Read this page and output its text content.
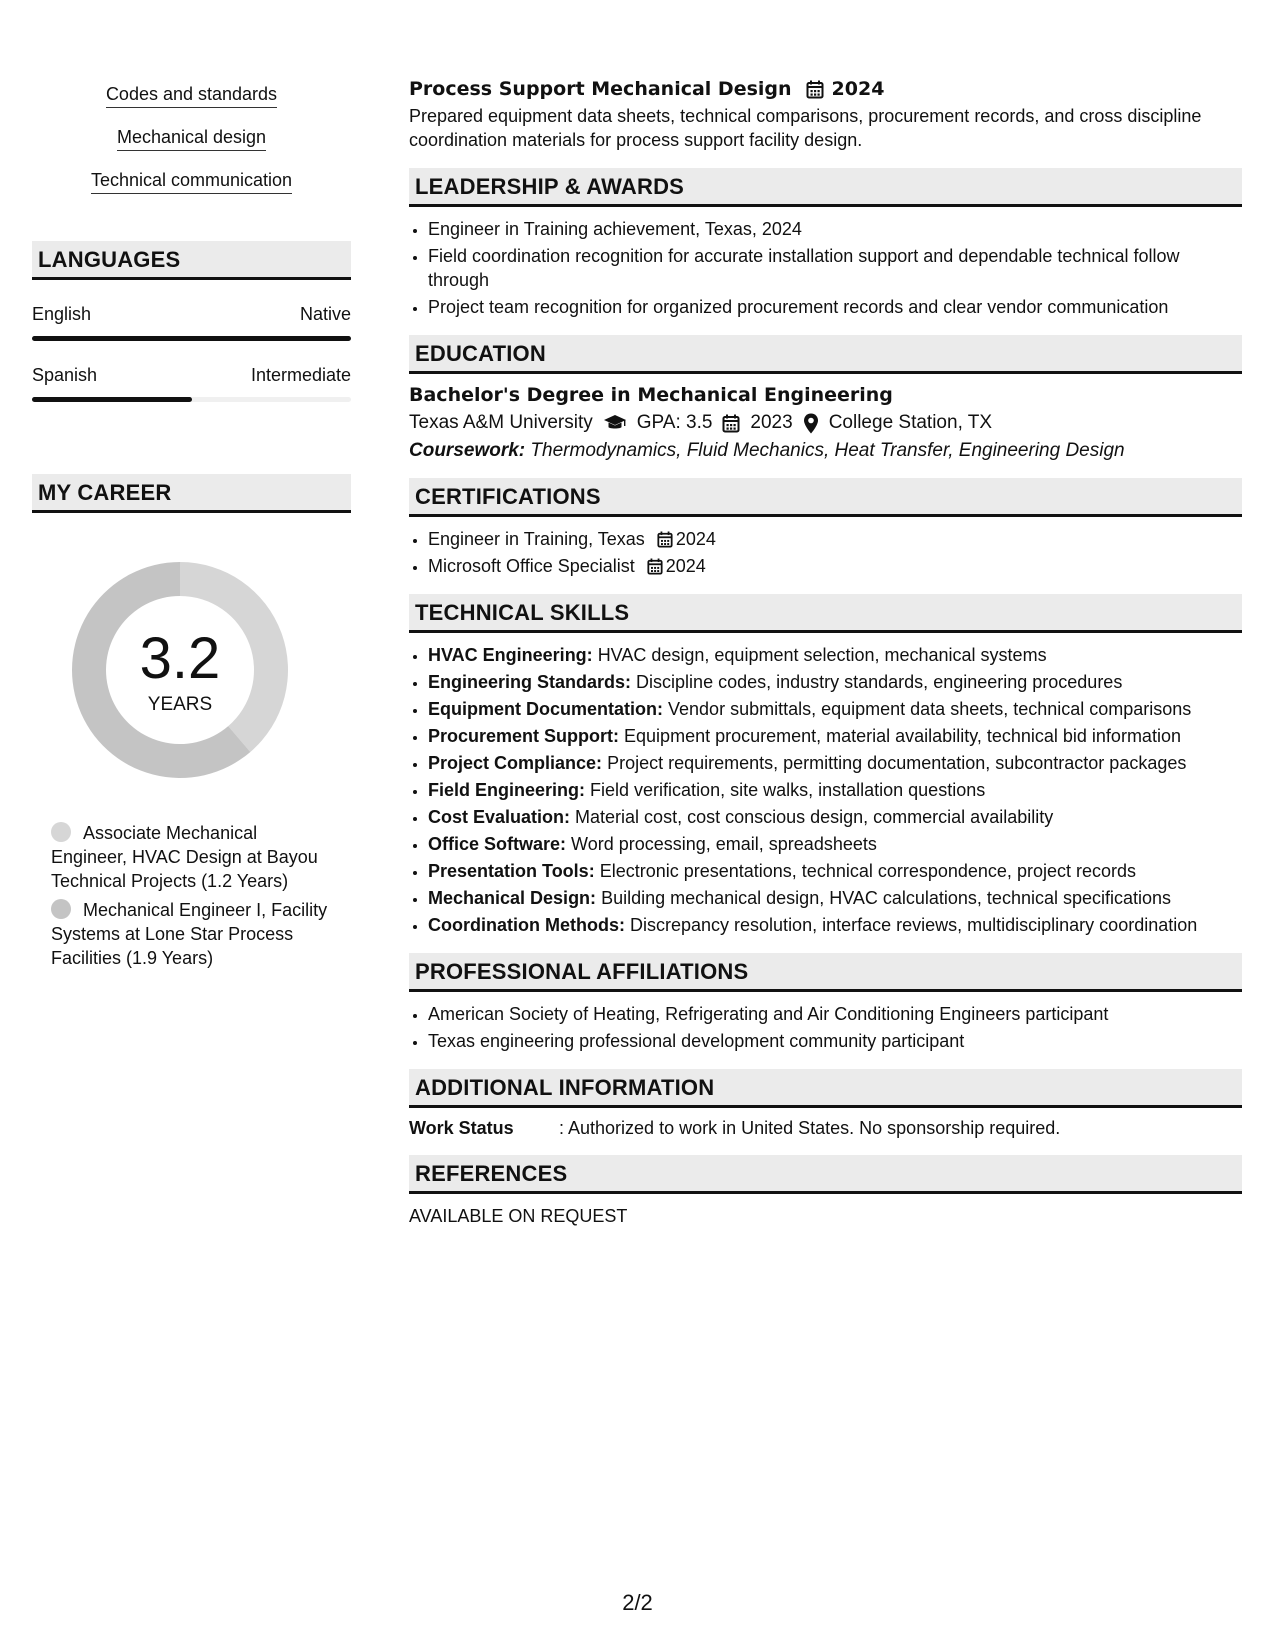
Codes and standards
Mechanical design
Technical communication
LANGUAGES
English	Native
Spanish	Intermediate
MY CAREER
3.2
YEARS
Associate Mechanical Engineer, HVAC Design at Bayou Technical Projects (1.2 Years)
Mechanical Engineer I, Facility Systems at Lone Star Process Facilities (1.9 Years)
Process Support Mechanical Design 2024
Prepared equipment data sheets, technical comparisons, procurement records, and cross discipline coordination materials for process support facility design.
LEADERSHIP & AWARDS
• Engineer in Training achievement, Texas, 2024
• Field coordination recognition for accurate installation support and dependable technical follow through
• Project team recognition for organized procurement records and clear vendor communication
EDUCATION
Bachelor's Degree in Mechanical Engineering
Texas A&M University GPA: 3.5 2023 College Station, TX
Coursework: Thermodynamics, Fluid Mechanics, Heat Transfer, Engineering Design
CERTIFICATIONS
• Engineer in Training, Texas 2024
• Microsoft Office Specialist 2024
TECHNICAL SKILLS
• HVAC Engineering: HVAC design, equipment selection, mechanical systems
• Engineering Standards: Discipline codes, industry standards, engineering procedures
• Equipment Documentation: Vendor submittals, equipment data sheets, technical comparisons
• Procurement Support: Equipment procurement, material availability, technical bid information
• Project Compliance: Project requirements, permitting documentation, subcontractor packages
• Field Engineering: Field verification, site walks, installation questions
• Cost Evaluation: Material cost, cost conscious design, commercial availability
• Office Software: Word processing, email, spreadsheets
• Presentation Tools: Electronic presentations, technical correspondence, project records
• Mechanical Design: Building mechanical design, HVAC calculations, technical specifications
• Coordination Methods: Discrepancy resolution, interface reviews, multidisciplinary coordination
PROFESSIONAL AFFILIATIONS
• American Society of Heating, Refrigerating and Air Conditioning Engineers participant
• Texas engineering professional development community participant
ADDITIONAL INFORMATION
Work Status	: Authorized to work in United States. No sponsorship required.
REFERENCES
AVAILABLE ON REQUEST
2/2
